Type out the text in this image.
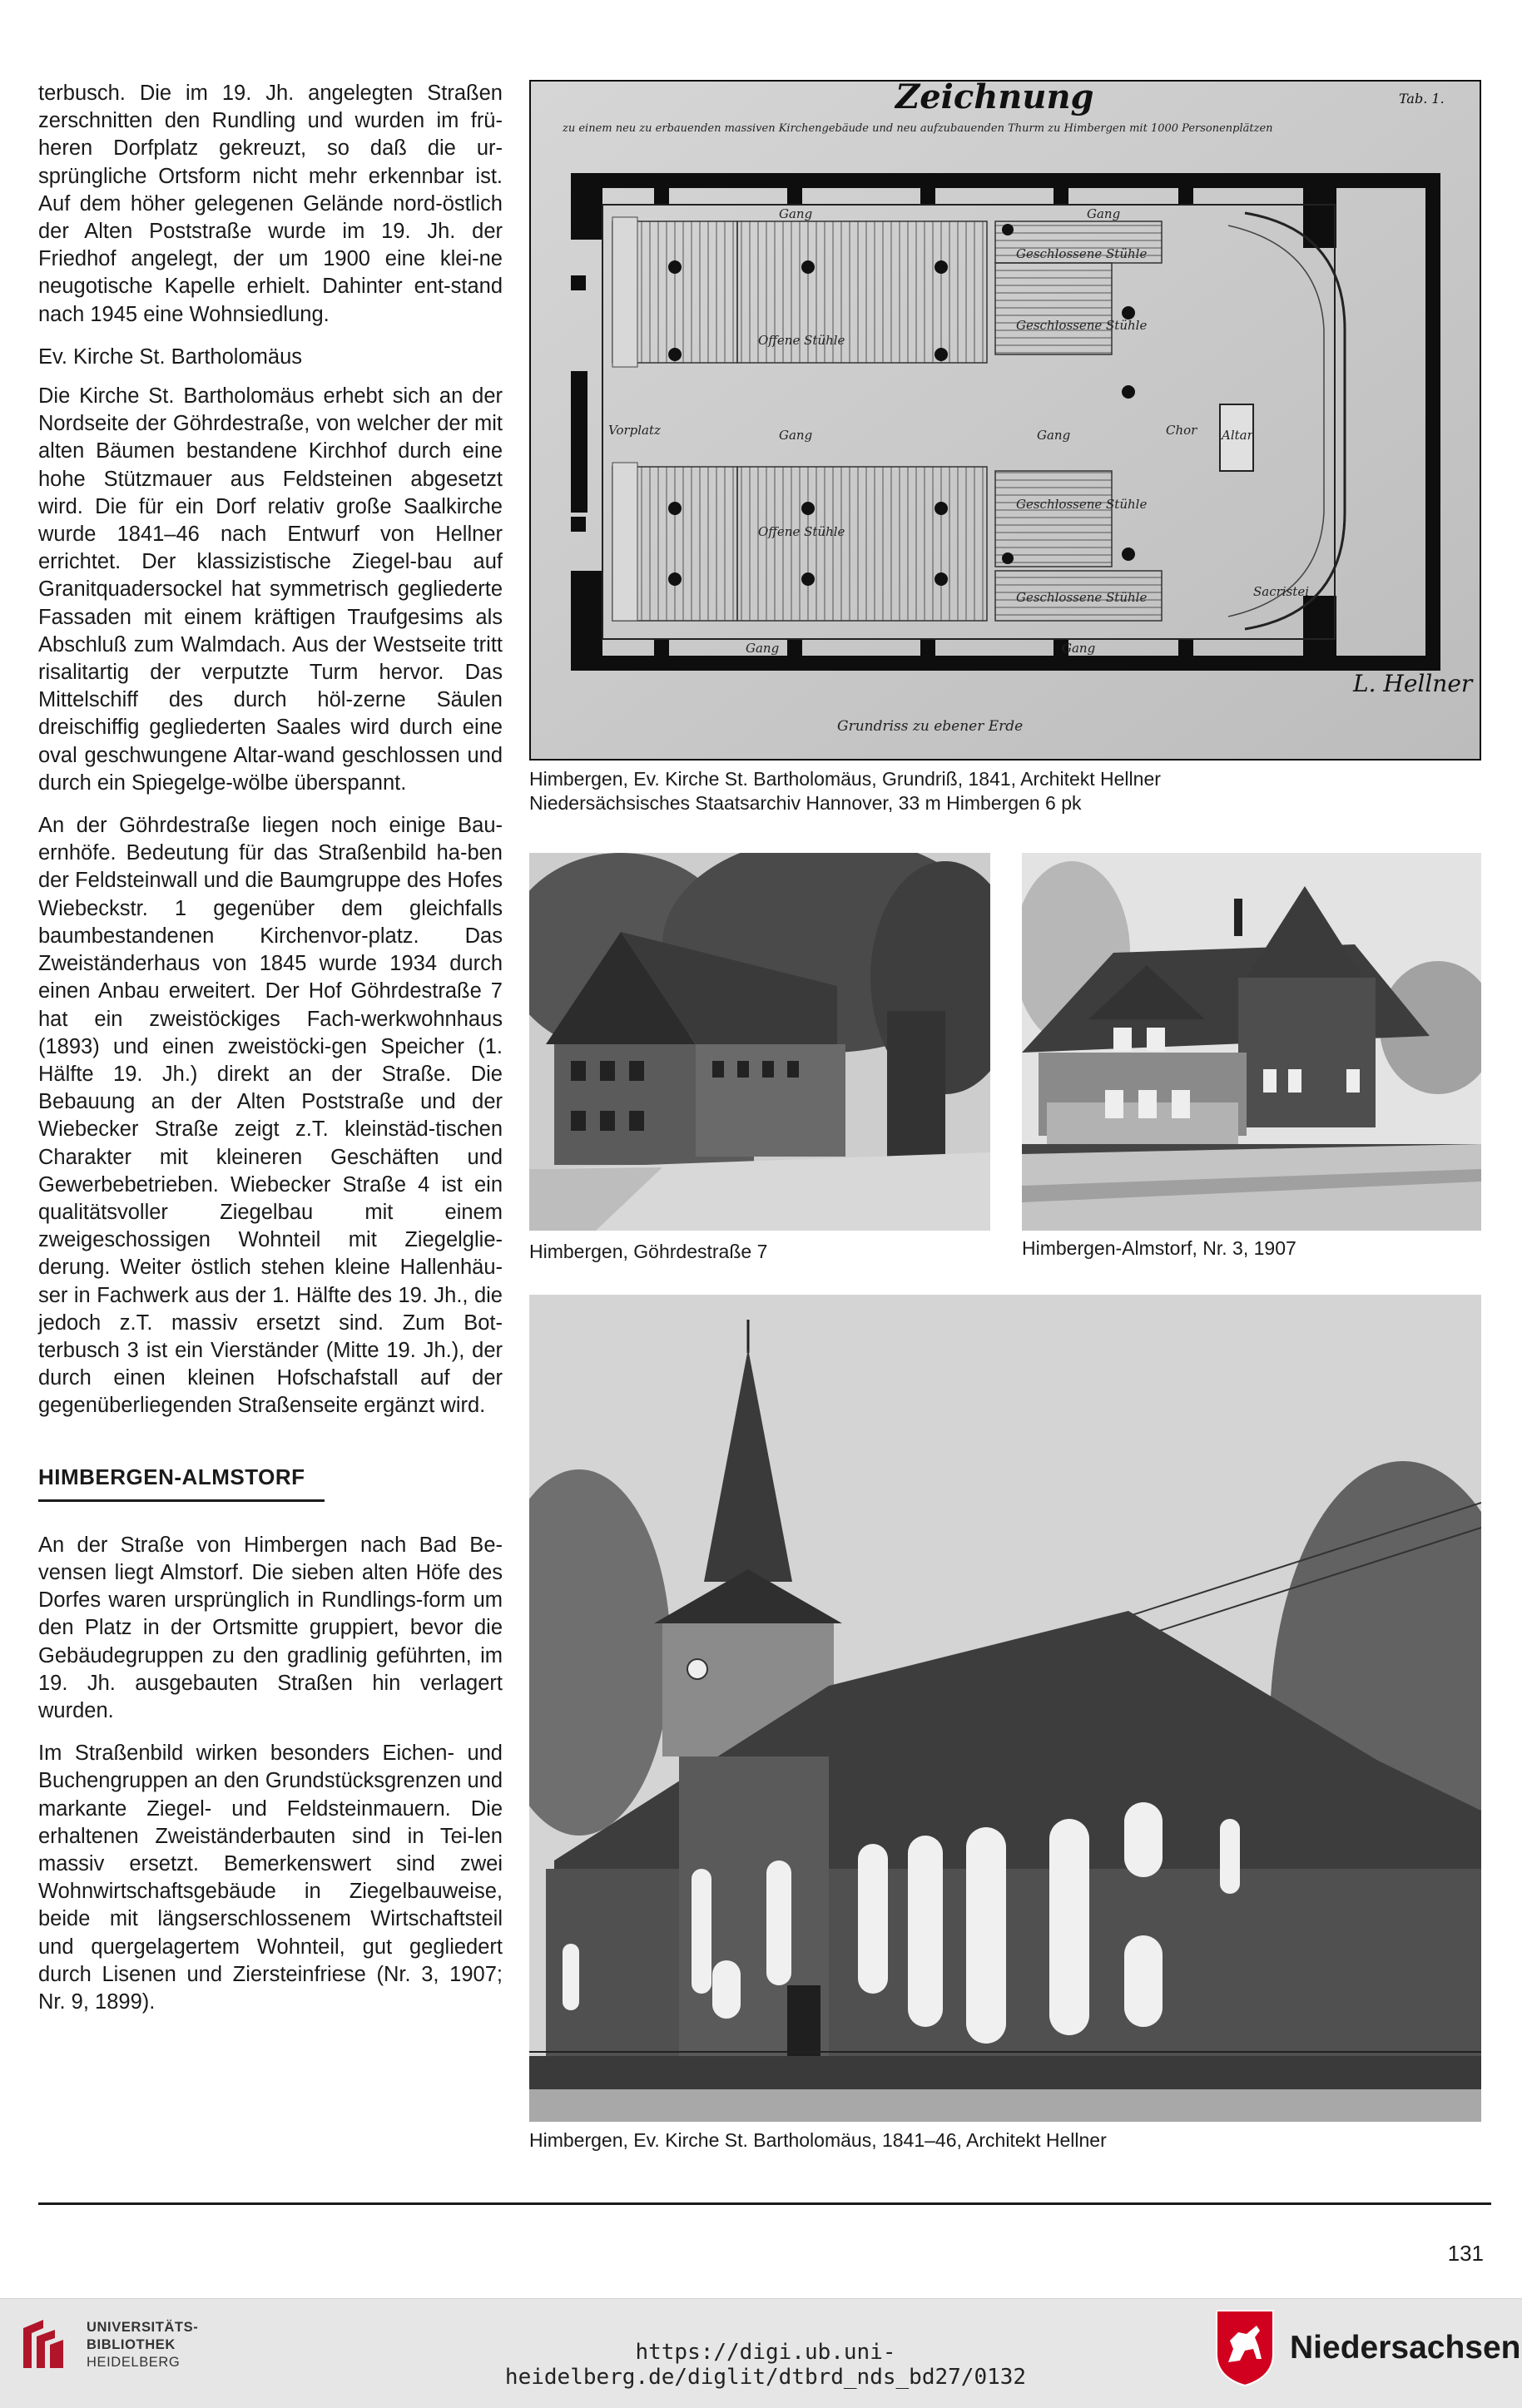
terbusch. Die im 19. Jh. angelegten Straßen zerschnitten den Rundling und wurden im frü-heren Dorfplatz gekreuzt, so daß die ur-sprüngliche Ortsform nicht mehr erkennbar ist. Auf dem höher gelegenen Gelände nord-östlich der Alten Poststraße wurde im 19. Jh. der Friedhof angelegt, der um 1900 eine klei-ne neugotische Kapelle erhielt. Dahinter ent-stand nach 1945 eine Wohnsiedlung.

Ev. Kirche St. Bartholomäus

Die Kirche St. Bartholomäus erhebt sich an der Nordseite der Göhrdestraße, von welcher der mit alten Bäumen bestandene Kirchhof durch eine hohe Stützmauer aus Feldsteinen abgesetzt wird. Die für ein Dorf relativ große Saalkirche wurde 1841–46 nach Entwurf von Hellner errichtet. Der klassizistische Ziegel-bau auf Granitquadersockel hat symmetrisch gegliederte Fassaden mit einem kräftigen Traufgesims als Abschluß zum Walmdach. Aus der Westseite tritt risalitartig der verputzte Turm hervor. Das Mittelschiff des durch höl-zerne Säulen dreischiffig gegliederten Saales wird durch eine oval geschwungene Altar-wand geschlossen und durch ein Spiegelge-wölbe überspannt.

An der Göhrdestraße liegen noch einige Bau-ernhöfe. Bedeutung für das Straßenbild ha-ben der Feldsteinwall und die Baumgruppe des Hofes Wiebeckstr. 1 gegenüber dem gleichfalls baumbestandenen Kirchenvor-platz. Das Zweiständerhaus von 1845 wurde 1934 durch einen Anbau erweitert. Der Hof Göhrdestraße 7 hat ein zweistöckiges Fach-werkwohnhaus (1893) und einen zweistöcki-gen Speicher (1. Hälfte 19. Jh.) direkt an der Straße. Die Bebauung an der Alten Poststraße und der Wiebecker Straße zeigt z.T. kleinstäd-tischen Charakter mit kleineren Geschäften und Gewerbebetrieben. Wiebecker Straße 4 ist ein qualitätsvoller Ziegelbau mit einem zweigeschossigen Wohnteil mit Ziegelglie-derung. Weiter östlich stehen kleine Hallenhäu-ser in Fachwerk aus der 1. Hälfte des 19. Jh., die jedoch z.T. massiv ersetzt sind. Zum Bot-terbusch 3 ist ein Vierständer (Mitte 19. Jh.), der durch einen kleinen Hofschafstall auf der gegenüberliegenden Straßenseite ergänzt wird.

HIMBERGEN-ALMSTORF

An der Straße von Himbergen nach Bad Be-vensen liegt Almstorf. Die sieben alten Höfe des Dorfes waren ursprünglich in Rundlings-form um den Platz in der Ortsmitte gruppiert, bevor die Gebäudegruppen zu den gradlinig geführten, im 19. Jh. ausgebauten Straßen hin verlagert wurden.

Im Straßenbild wirken besonders Eichen- und Buchengruppen an den Grundstücksgrenzen und markante Ziegel- und Feldsteinmauern. Die erhaltenen Zweiständerbauten sind in Tei-len massiv ersetzt. Bemerkenswert sind zwei Wohnwirtschaftsgebäude in Ziegelbauweise, beide mit längserschlossenem Wirtschaftsteil und quergelagertem Wohnteil, gut gegliedert durch Lisenen und Ziersteinfriese (Nr. 3, 1907; Nr. 9, 1899).

Zeichnung
zu einem neu zu erbauenden massiven Kirchengebäude und neu aufzubauenden Thurm zu Himbergen mit 1000 Personenplätzen
Tab. 1.
Gang	Gang
Offene Stühle
Offene Stühle
Geschlossene Stühle
Geschlossene Stühle
Geschlossene Stühle
Geschlossene Stühle
Vorplatz	Gang	Gang	Chor Altar
Sacristei
Gang	Gang
Grundriss zu ebener Erde
L. Hellner
Himbergen, Ev. Kirche St. Bartholomäus, Grundriß, 1841, Architekt Hellner
Niedersächsisches Staatsarchiv Hannover, 33 m Himbergen 6 pk
Himbergen, Göhrdestraße 7	Himbergen-Almstorf, Nr. 3, 1907
Himbergen, Ev. Kirche St. Bartholomäus, 1841–46, Architekt Hellner
131
UNIVERSITÄTS-
BIBLIOTHEK
HEIDELBERG	https://digi.ub.uni-heidelberg.de/diglit/dtbrd_nds_bd27/0132
Niedersachsen
